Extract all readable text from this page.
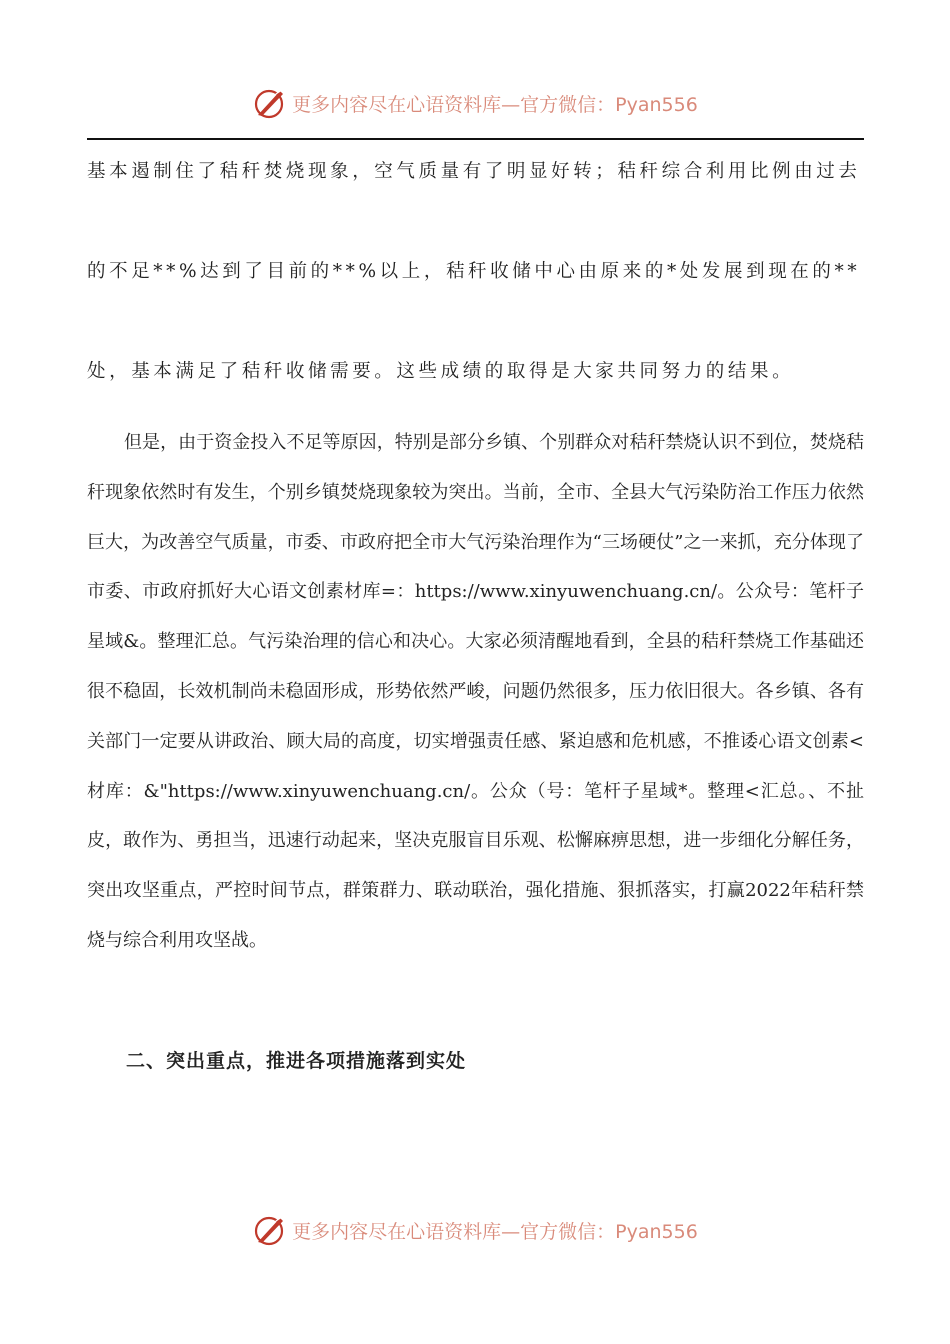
更多内容尽在心语资料库—官方微信：Pyan556

基本遏制住了秸秆焚烧现象，空气质量有了明显好转；秸秆综合利用比例由过去的不足**%达到了目前的**%以上，秸秆收储中心由原来的*处发展到现在的**处，基本满足了秸秆收储需要。这些成绩的取得是大家共同努力的结果。

但是，由于资金投入不足等原因，特别是部分乡镇、个别群众对秸秆禁烧认识不到位，焚烧秸秆现象依然时有发生，个别乡镇焚烧现象较为突出。当前，全市、全县大气污染防治工作压力依然巨大，为改善空气质量，市委、市政府把全市大气污染治理作为“三场硬仗”之一来抓，充分体现了市委、市政府抓好大心语文创素材库=：https://www.xinyuwenchuang.cn/。公众号：笔杆子星域&。整理汇总。气污染治理的信心和决心。大家必须清醒地看到，全县的秸秆禁烧工作基础还很不稳固，长效机制尚未稳固形成，形势依然严峻，问题仍然很多，压力依旧很大。各乡镇、各有关部门一定要从讲政治、顾大局的高度，切实增强责任感、紧迫感和危机感，不推诿心语文创素<材库：&"https://www.xinyuwenchuang.cn/。公众（号：笔杆子星域*。整理<汇总。、不扯皮，敢作为、勇担当，迅速行动起来，坚决克服盲目乐观、松懈麻痹思想，进一步细化分解任务，突出攻坚重点，严控时间节点，群策群力、联动联治，强化措施、狠抓落实，打赢2022年秸秆禁烧与综合利用攻坚战。

二、突出重点，推进各项措施落到实处

更多内容尽在心语资料库—官方微信：Pyan556
